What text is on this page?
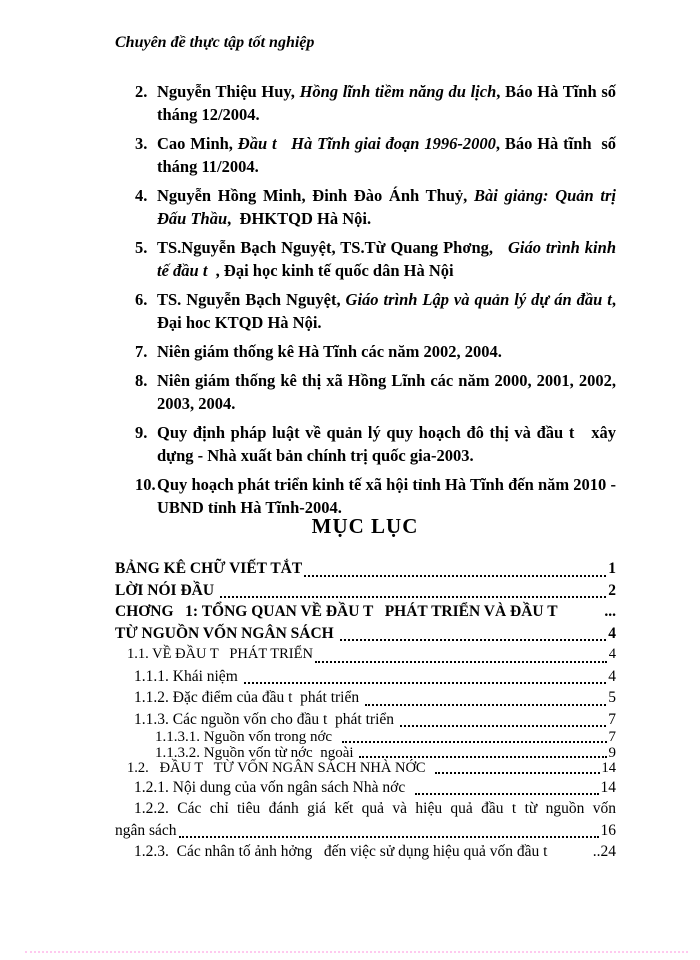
Chuyên đề thực tập tốt nghiệp
2. Nguyễn Thiệu Huy, Hồng lĩnh tiềm năng du lịch, Báo Hà Tĩnh số tháng 12/2004.
3. Cao Minh, Đầu t   Hà Tĩnh giai đoạn 1996-2000, Báo Hà tĩnh  số tháng 11/2004.
4. Nguyễn Hồng Minh, Đinh Đào Ánh Thuỷ, Bài giảng: Quản trị Đấu Thầu,  ĐHKTQD Hà Nội.
5. TS.Nguyễn Bạch Nguyệt, TS.Từ Quang Phơng,   Giáo trình kinh tế đầu t  , Đại học kinh tế quốc dân Hà Nội
6. TS. Nguyễn Bạch Nguyệt, Giáo trình Lập và quản lý dự án đầu t, Đại hoc KTQD Hà Nội.
7. Niên giám thống kê Hà Tĩnh các năm 2002, 2004.
8. Niên giám thống kê thị xã Hồng Lĩnh các năm 2000, 2001, 2002, 2003, 2004.
9. Quy định pháp luật về quản lý quy hoạch đô thị và đầu t   xây dựng - Nhà xuất bản chính trị quốc gia-2003.
10.Quy hoạch phát triển kinh tế xã hội tỉnh Hà Tĩnh đến năm 2010 - UBND tỉnh Hà Tĩnh-2004.
MỤC LỤC
BẢNG KÊ CHỮ VIẾT TẮT	1
LỜI NÓI ĐẦU	2
CHƠNG   1: TỔNG QUAN VỀ ĐẦU T   PHÁT TRIỂN VÀ ĐẦU T	...
TỪ NGUỒN VỐN NGÂN SÁCH	4
1.1. VỀ ĐẦU T   PHÁT TRIỂN	4
1.1.1. Khái niệm	4
1.1.2. Đặc điểm của đầu t  phát triển	5
1.1.3. Các nguồn vốn cho đầu t  phát triển	7
1.1.3.1. Nguồn vốn trong nớc	7
1.1.3.2. Nguồn vốn từ nớc  ngoài	9
1.2.   ĐẦU T   TỪ VỐN NGÂN SÁCH NHÀ NỚC	14
1.2.1. Nội dung của vốn ngân sách Nhà nớc	14
1.2.2. Các chỉ tiêu đánh giá kết quả và hiệu quả đầu t từ nguồn vốn
ngân sách	16
1.2.3.  Các nhân tố ảnh hởng   đến việc sử dụng hiệu quả vốn đầu t	..24
